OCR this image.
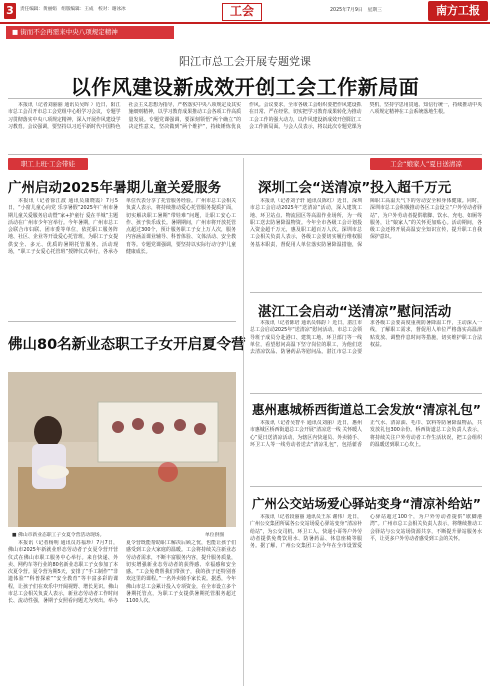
3	责任编辑：黄丽娟　组版编辑：王成　校对：谢冰冰	工会	2025年7月9日　星期三	南方工报
■ 街而不会再需来中央八项规定精神
阳江市总工会开展专题党课
以作风建设新成效开创工会工作新局面

本报讯（记者刘丽丽 通讯员吴晖 ）近日，阳江市总工会召开市总工会党组中心组学习会议，专题学习贯彻落实中央八项规定精神，深入开展作风建设学习教育。会议强调，要坚持以习近平新时代中国特色社会主义思想为指导，严格落实中央八项规定及其实施细则精神，以学习教育成果推动工会各项工作高质量发展。专题党课强调，要深刻领悟“两个确立”的决定性意义，坚决做到“两个维护”，持续锤炼优良作风。会议要求，全市各级工会组织要把作风建设抓在日常、严在经常，切实把学习教育成果转化为推动工会工作的强大动力，以作风建设新成效开创阳江工会工作新局面。与会人员表示，将以此次专题党课为契机，坚持学思用贯通、知信行统一，持续推动中央八项规定精神在工会系统落地生根。

职工上班·工会带娃
广州启动2025年暑期儿童关爱服务

本报讯（记者徐江波 通讯员康晓霞）7月5日，“小窗儿童心向党 乐享暑假”2025年广州市暑期儿童关爱服务启动暨“家+护童行 爱在羊城”主题活动在广州市少年宫举行。今年暑期，广州市总工会联合市妇联、团市委等单位，依托职工服务阵地、社区、企业等开设爱心托管班，为职工子女提供安全、多元、优质的暑期托管服务。活动现场，“职工子女爱心托管班”授牌仪式举行，各承办单位代表分享了托管服务经验。广州市总工会相关负责人表示，将持续推动爱心托管服务提质扩面，切实解决职工暑期“带娃难”问题，让职工安心工作、孩子快乐成长。暑期期间，广州市将开放托管点超过300个，预计服务职工子女上万人次，服务内容涵盖课业辅导、科普体验、文体活动、安全教育等。专题党课强调，要坚持以实际行动守护儿童健康成长。

佛山80名新业态职工子女开启夏令营
■ 佛山市新业态职工子女夏令营活动现场。	单位供图

本报讯（记者杨明 通讯员苏福珍）7月7日，佛山市2025年新就业形态劳动者子女夏令营开营仪式在佛山市职工服务中心举行。来自快递、外卖、网约车等行业的80名新业态职工子女参加了本次夏令营。夏令营为期5天，安排了“手工制作”“非遗体验”“科普探索”“安全教育”等丰富多彩的课程，让孩子们在欢乐中开阔视野、增长见识。佛山市总工会相关负责人表示，新业态劳动者工作时间长、流动性强，暑期子女照看问题尤为突出。举办夏令营既能帮助职工解决后顾之忧，也能让孩子们感受到工会大家庭的温暖。工会将持续关注新业态劳动者需求，不断丰富服务内容，提升服务质量，切实增强新业态劳动者的获得感、幸福感和安全感。“工会免费帮我们带孩子，我的孩子还特别喜欢这里的课程。”一名外卖骑手家长说。据悉，今年佛山市总工会累计投入专项资金，在全市设立多个暑期托管点，为职工子女提供暑期托管服务超过1100人次。

工会“娘家人”夏日送清凉
深圳工会“送清凉”投入超千万元

本报讯（记者刘子轩 通讯员陈红）近日，深圳市总工会启动2025年“送清凉”活动，深入建筑工地、环卫站点、物流园区等高温作业场所，为一线职工送去防暑降温物资。今年全市各级工会计划投入资金超千万元，惠及职工超百万人次。深圳市总工会相关负责人表示，各级工会要切实履行维权服务基本职责，督促用人单位落实防暑降温措施，保障职工高温天气下的劳动安全和身体健康。同时，深圳市总工会积极推动各区工会设立“户外劳动者驿站”，为户外劳动者提供歇脚、饮水、充电、如厕等服务，让“娘家人”的关怀更加贴心。活动期间，各级工会还将开展高温安全知识宣传，提升职工自我保护意识。

湛江工会启动“送清凉”慰问活动

本报讯（记者陈培 通讯员韩韵 ）近日，湛江市总工会启动2025年“送清凉”慰问活动，市总工会领导班子成员分赴港口、建筑工地、环卫部门等一线单位，看望慰问高温下坚守岗位的职工，为他们送去清凉饮品、防暑药品等慰问品。湛江市总工会要求各级工会要高度重视防暑降温工作，主动深入一线，了解职工需求，督促用人单位严格落实高温津贴发放、调整作息时间等措施，切实维护职工合法权益。

惠州惠城桥西街道总工会发放“清凉礼包”

本报讯（记者吴智平 通讯员刘丽）近日，惠州市惠城区桥西街道总工会开展“清凉送一线 关怀暖人心”夏日送清凉活动，为辖区内快递员、外卖骑手、环卫工人等一线劳动者送去“清凉礼包”，包括藿香正气水、清凉油、毛巾、饮料等防暑降温物品，共发放礼包300余份。桥西街道总工会负责人表示，将持续关注户外劳动者工作生活状况，把工会组织的温暖送到职工心坎上。

广州公交站场爱心驿站变身“清凉补给站”

本报讯（记者段丽丽 通讯员王东 谢伟）近日，广州公交集团所属各公交站场爱心驿站变身“清凉补给站”，为公交司机、环卫工人、快递小哥等户外劳动者提供免费饮用水、防暑药品、休息座椅等服务。据了解，广州公交集团工会今年在全市设置爱心驿站超过100个，为户外劳动者提供“歇脚港湾”。广州市总工会相关负责人表示，将继续推动工会驿站与公交站场资源共享，不断提升驿站服务水平，让更多户外劳动者感受到工会的关怀。
